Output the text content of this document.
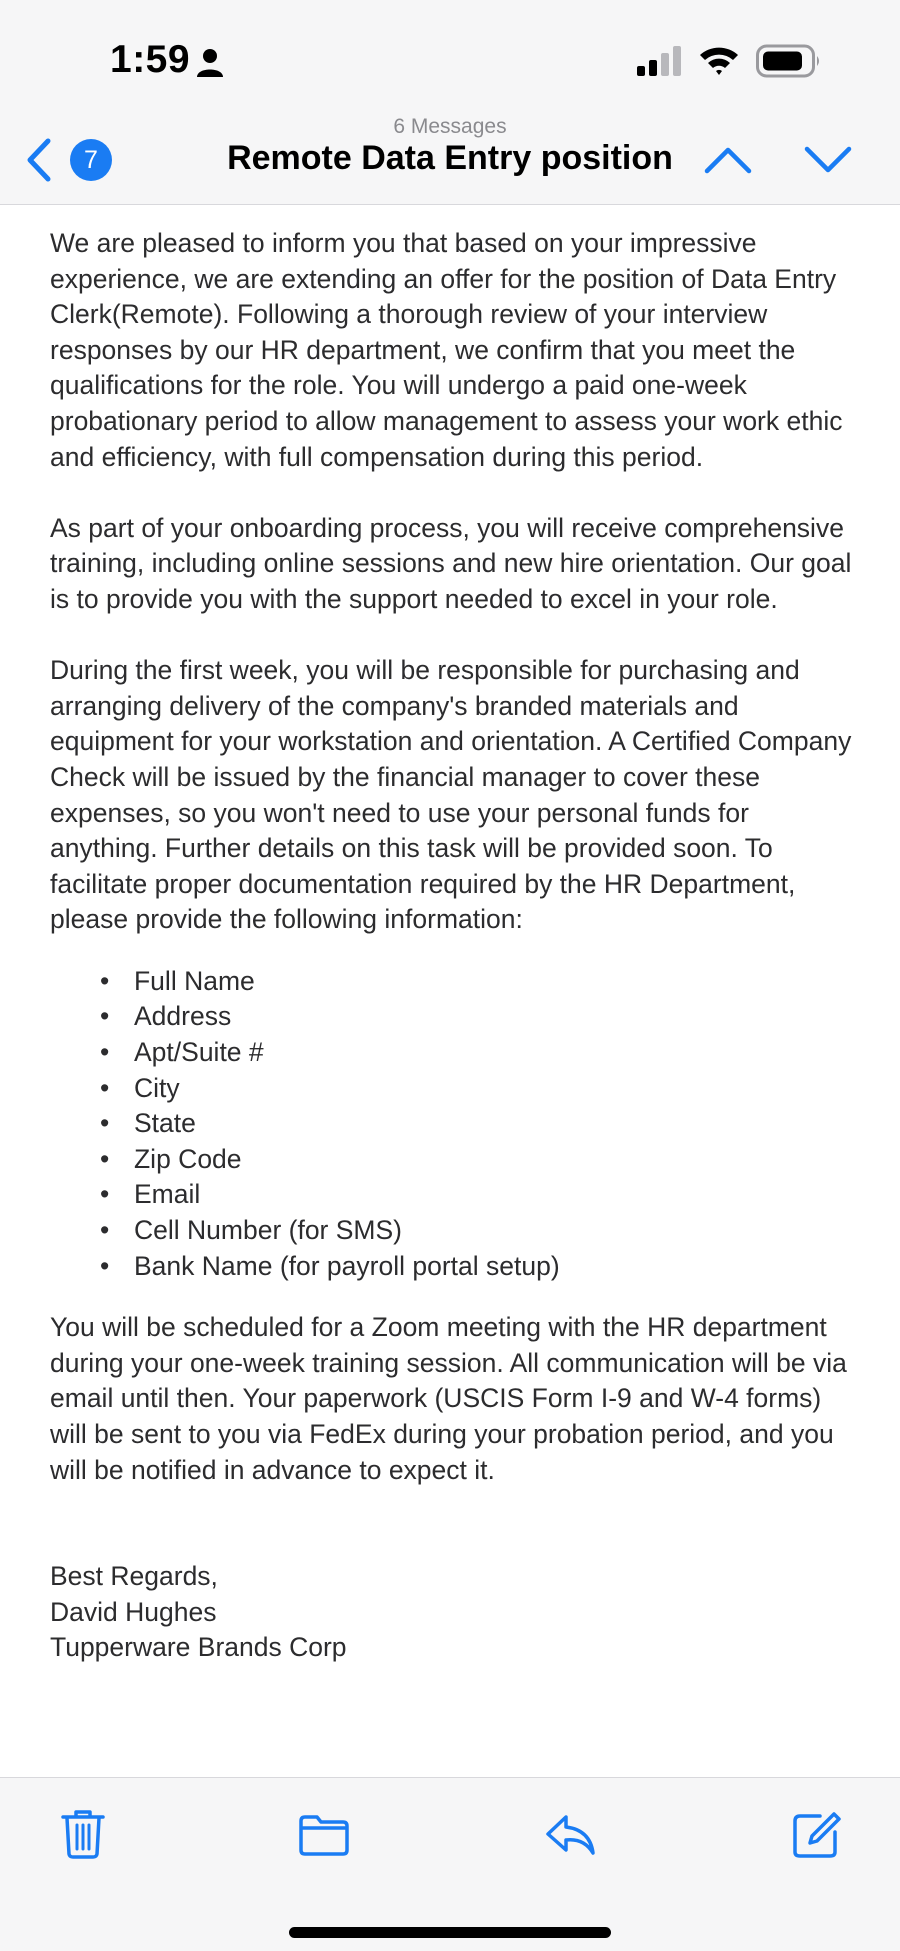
1:59
7
6 Messages
Remote Data Entry position

We are pleased to inform you that based on your impressive experience, we are extending an offer for the position of Data Entry Clerk(Remote). Following a thorough review of your interview responses by our HR department, we confirm that you meet the qualifications for the role. You will undergo a paid one-week probationary period to allow management to assess your work ethic and efficiency, with full compensation during this period.

As part of your onboarding process, you will receive comprehensive training, including online sessions and new hire orientation. Our goal is to provide you with the support needed to excel in your role.

During the first week, you will be responsible for purchasing and arranging delivery of the company's branded materials and equipment for your workstation and orientation. A Certified Company Check will be issued by the financial manager to cover these expenses, so you won't need to use your personal funds for anything. Further details on this task will be provided soon. To facilitate proper documentation required by the HR Department, please provide the following information:

• Full Name
• Address
• Apt/Suite #
• City
• State
• Zip Code
• Email
• Cell Number (for SMS)
• Bank Name (for payroll portal setup)

You will be scheduled for a Zoom meeting with the HR department during your one-week training session. All communication will be via email until then. Your paperwork (USCIS Form I-9 and W-4 forms) will be sent to you via FedEx during your probation period, and you will be notified in advance to expect it.

Best Regards,
David Hughes
Tupperware Brands Corp
